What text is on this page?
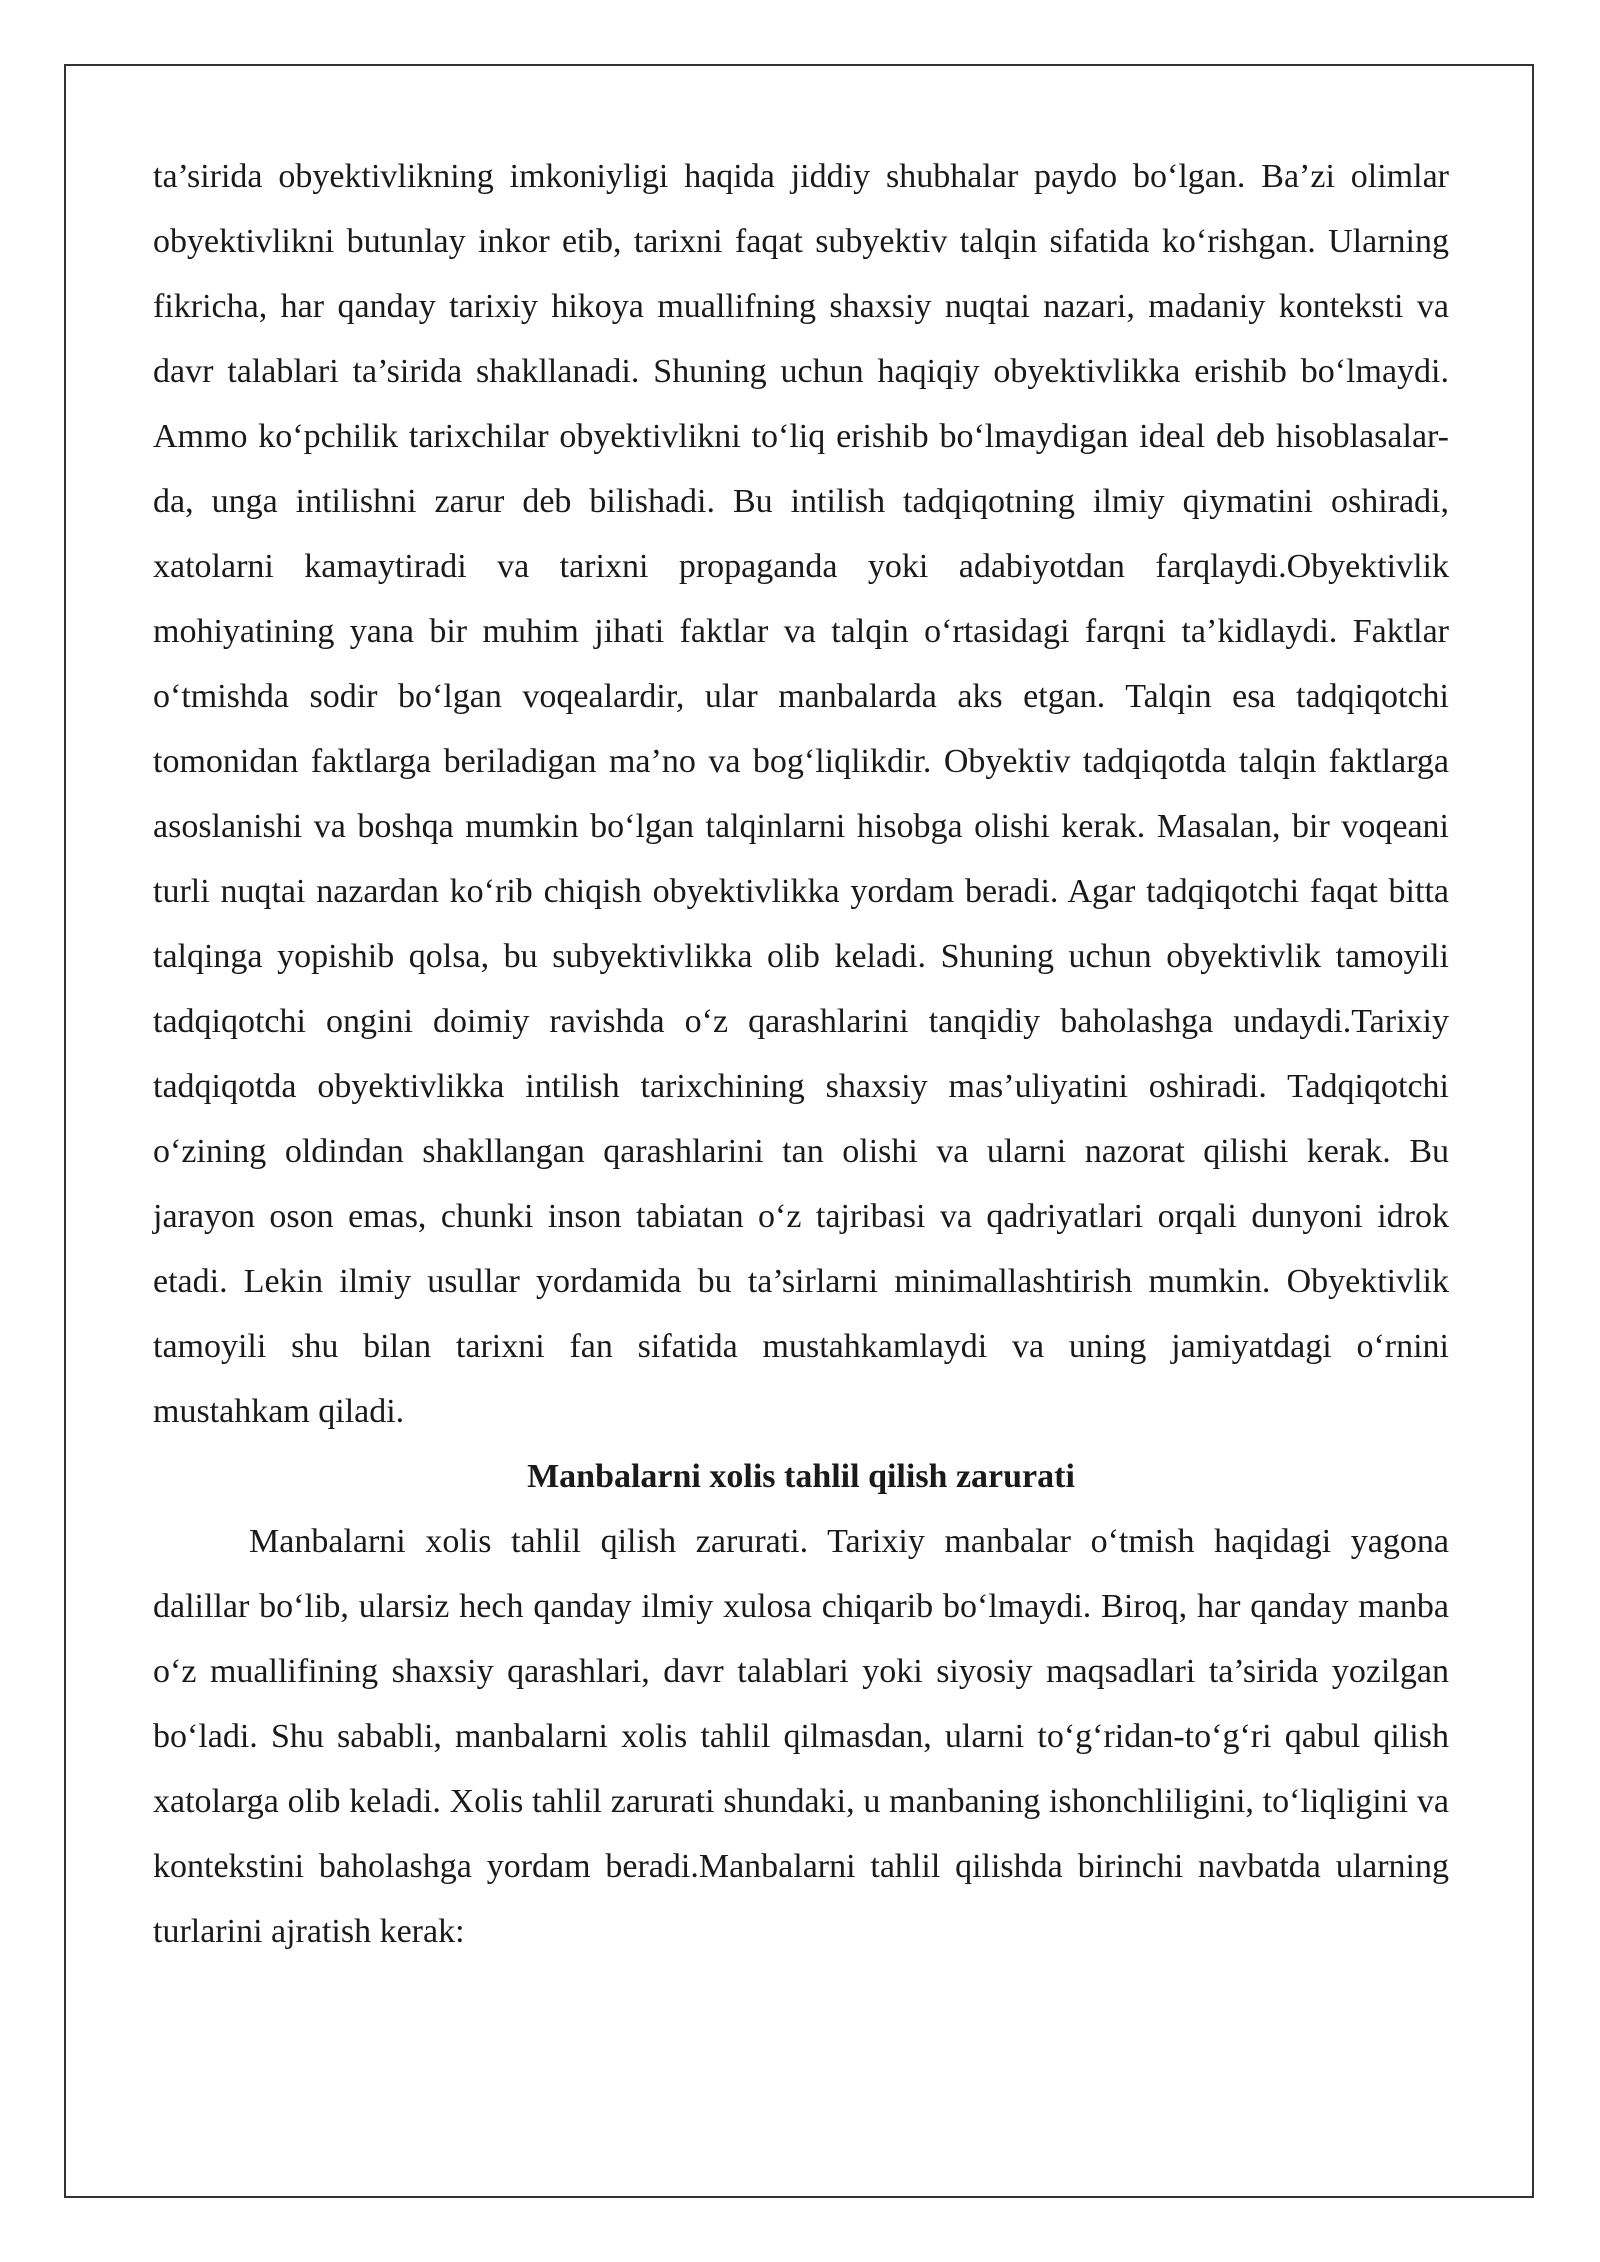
ta’sirida obyektivlikning imkoniyligi haqida jiddiy shubhalar paydo bo‘lgan. Ba’zi olimlar obyektivlikni butunlay inkor etib, tarixni faqat subyektiv talqin sifatida ko‘rishgan. Ularning fikricha, har qanday tarixiy hikoya muallifning shaxsiy nuqtai nazari, madaniy konteksti va davr talablari ta’sirida shakllanadi. Shuning uchun haqiqiy obyektivlikka erishib bo‘lmaydi. Ammo ko‘pchilik tarixchilar obyektivlikni to‘liq erishib bo‘lmaydigan ideal deb hisoblasalar-da, unga intilishni zarur deb bilishadi. Bu intilish tadqiqotning ilmiy qiymatini oshiradi, xatolarni kamaytiradi va tarixni propaganda yoki adabiyotdan farqlaydi.Obyektivlik mohiyatining yana bir muhim jihati faktlar va talqin o‘rtasidagi farqni ta’kidlaydi. Faktlar o‘tmishda sodir bo‘lgan voqealardir, ular manbalarda aks etgan. Talqin esa tadqiqotchi tomonidan faktlarga beriladigan ma’no va bog‘liqlikdir. Obyektiv tadqiqotda talqin faktlarga asoslanishi va boshqa mumkin bo‘lgan talqinlarni hisobga olishi kerak. Masalan, bir voqeani turli nuqtai nazardan ko‘rib chiqish obyektivlikka yordam beradi. Agar tadqiqotchi faqat bitta talqinga yopishib qolsa, bu subyektivlikka olib keladi. Shuning uchun obyektivlik tamoyili tadqiqotchi ongini doimiy ravishda o‘z qarashlarini tanqidiy baholashga undaydi.Tarixiy tadqiqotda obyektivlikka intilish tarixchining shaxsiy mas’uliyatini oshiradi. Tadqiqotchi o‘zining oldindan shakllangan qarashlarini tan olishi va ularni nazorat qilishi kerak. Bu jarayon oson emas, chunki inson tabiatan o‘z tajribasi va qadriyatlari orqali dunyoni idrok etadi. Lekin ilmiy usullar yordamida bu ta’sirlarni minimallashtirish mumkin. Obyektivlik tamoyili shu bilan tarixni fan sifatida mustahkamlaydi va uning jamiyatdagi o‘rnini mustahkam qiladi.

Manbalarni xolis tahlil qilish zarurati

Manbalarni xolis tahlil qilish zarurati. Tarixiy manbalar o‘tmish haqidagi yagona dalillar bo‘lib, ularsiz hech qanday ilmiy xulosa chiqarib bo‘lmaydi. Biroq, har qanday manba o‘z muallifining shaxsiy qarashlari, davr talablari yoki siyosiy maqsadlari ta’sirida yozilgan bo‘ladi. Shu sababli, manbalarni xolis tahlil qilmasdan, ularni to‘g‘ridan-to‘g‘ri qabul qilish xatolarga olib keladi. Xolis tahlil zarurati shundaki, u manbaning ishonchliligini, to‘liqligini va kontekstini baholashga yordam beradi.Manbalarni tahlil qilishda birinchi navbatda ularning turlarini ajratish kerak:
